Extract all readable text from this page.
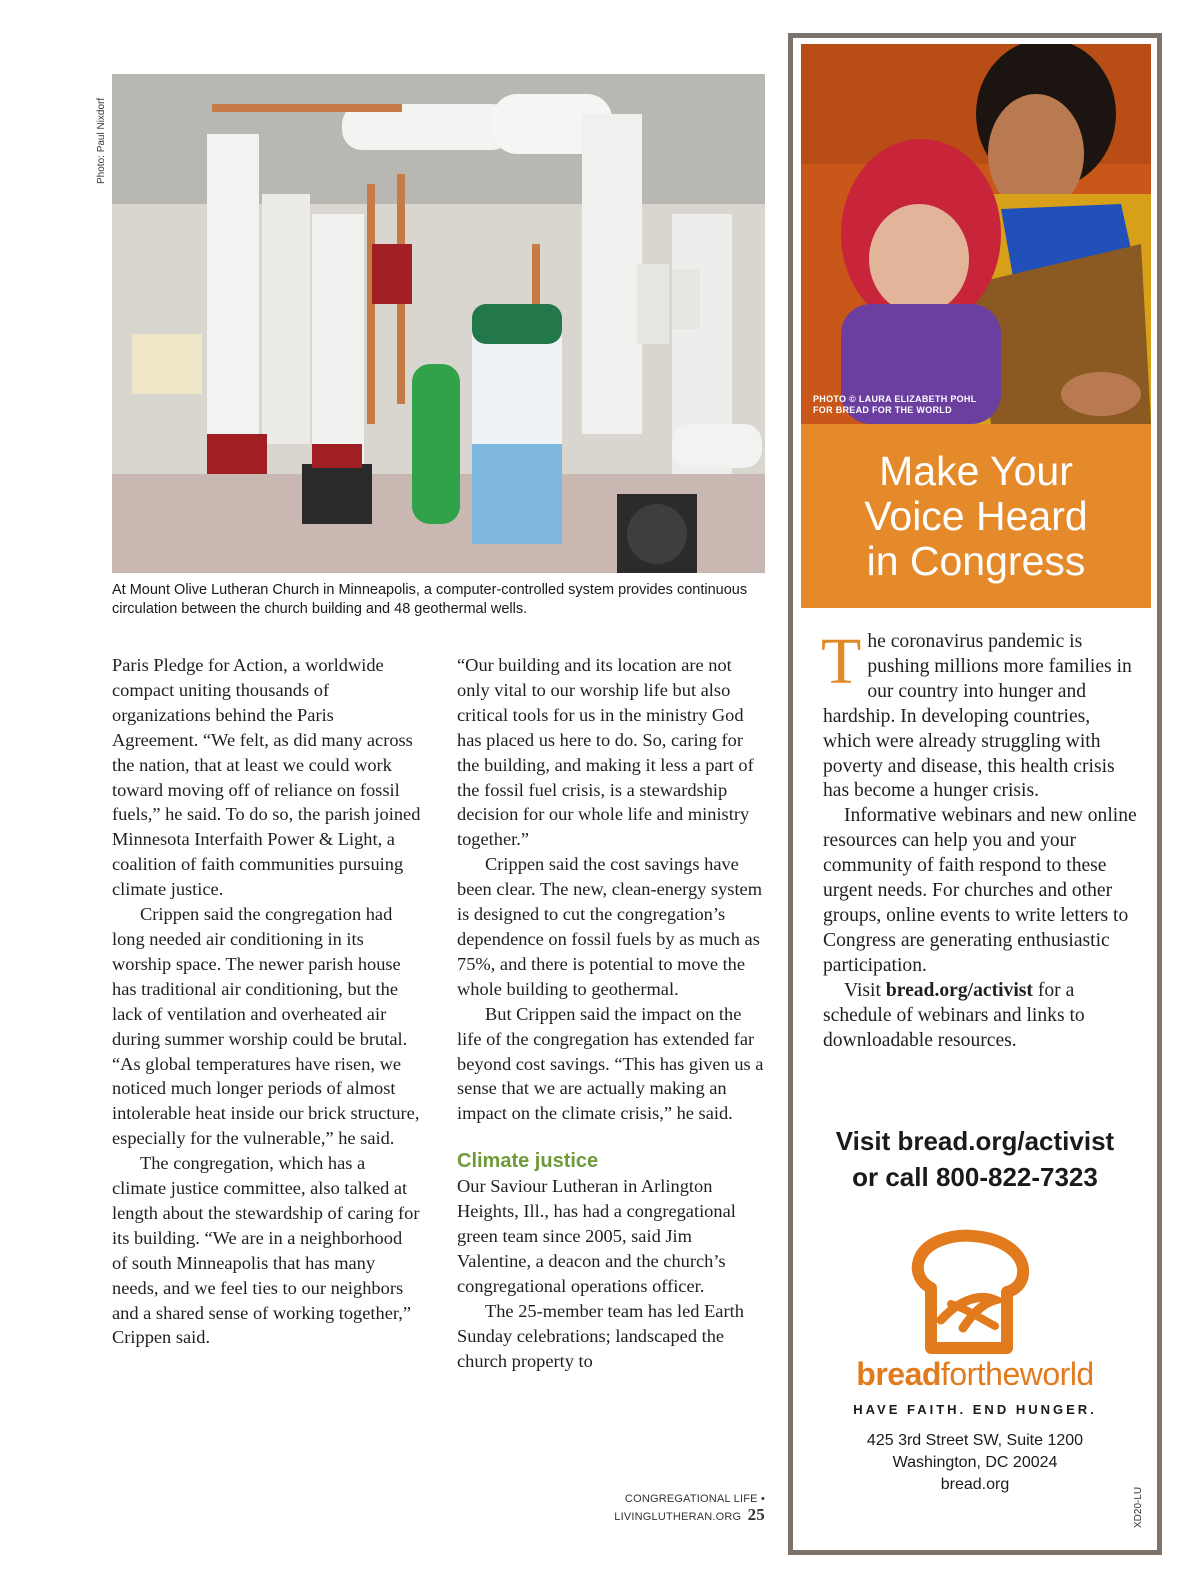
Photo: Paul Nixdorf
At Mount Olive Lutheran Church in Minneapolis, a computer-controlled system provides continuous circulation between the church building and 48 geothermal wells.

Paris Pledge for Action, a worldwide compact uniting thousands of organizations behind the Paris Agreement. “We felt, as did many across the nation, that at least we could work toward moving off of reliance on fossil fuels,” he said. To do so, the parish joined Minnesota Interfaith Power & Light, a coalition of faith communities pursuing climate justice.

Crippen said the congregation had long needed air conditioning in its worship space. The newer parish house has traditional air conditioning, but the lack of ventilation and overheated air during summer worship could be brutal. “As global temperatures have risen, we noticed much longer periods of almost intolerable heat inside our brick structure, especially for the vulnerable,” he said.

The congregation, which has a climate justice committee, also talked at length about the stewardship of caring for its building. “We are in a neighborhood of south Minneapolis that has many needs, and we feel ties to our neighbors and a shared sense of working together,” Crippen said.

“Our building and its location are not only vital to our worship life but also critical tools for us in the ministry God has placed us here to do. So, caring for the building, and making it less a part of the fossil fuel crisis, is a stewardship decision for our whole life and ministry together.”

Crippen said the cost savings have been clear. The new, clean-energy system is designed to cut the congregation’s dependence on fossil fuels by as much as 75%, and there is potential to move the whole building to geothermal.

But Crippen said the impact on the life of the congregation has extended far beyond cost savings. “This has given us a sense that we are actually making an impact on the climate crisis,” he said.

Climate justice

Our Saviour Lutheran in Arlington Heights, Ill., has had a congregational green team since 2005, said Jim Valentine, a deacon and the church’s congregational operations officer.

The 25-member team has led Earth Sunday celebrations; landscaped the church property to

CONGREGATIONAL LIFE • LIVINGLUTHERAN.ORG 25
PHOTO © LAURA ELIZABETH POHL
FOR BREAD FOR THE WORLD
Make Your
Voice Heard
in Congress

The coronavirus pandemic is pushing millions more families in our country into hunger and hardship. In developing countries, which were already struggling with poverty and disease, this health crisis has become a hunger crisis.

Informative webinars and new online resources can help you and your community of faith respond to these urgent needs. For churches and other groups, online events to write letters to Congress are generating enthusiastic participation.

Visit bread.org/activist for a schedule of webinars and links to downloadable resources.

Visit bread.org/activist
or call 800-822-7323
breadfortheworld
HAVE FAITH. END HUNGER.
425 3rd Street SW, Suite 1200
Washington, DC 20024
bread.org
XD20-LU
